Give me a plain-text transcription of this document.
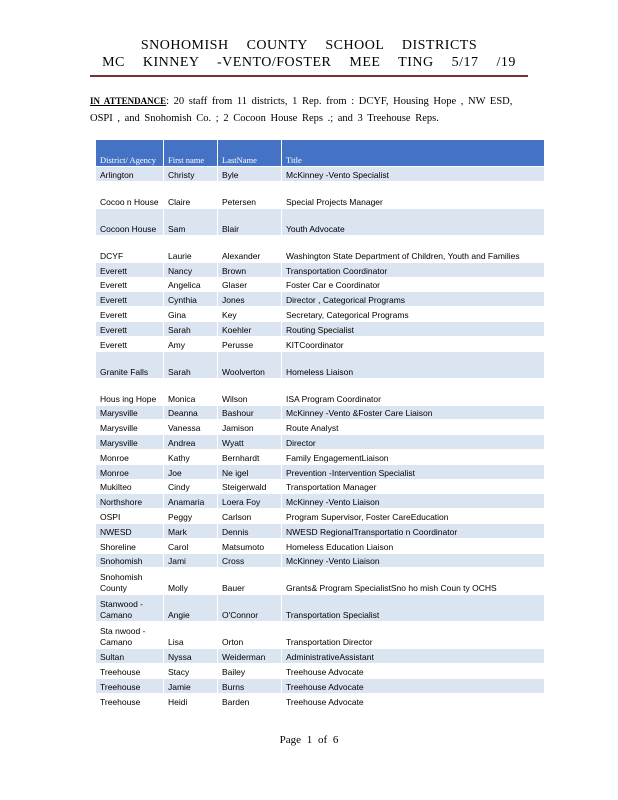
SNOHOMISH COUNTY SCHOOL DISTRICTS
MC KINNEY -VENTO/FOSTER MEE TING 5/17 /19
IN ATTENDANCE: 20 staff from 11 districts, 1 Rep. from : DCYF, Housing Hope , NW ESD, OSPI , and Snohomish Co. ; 2 Cocoon House Reps .; and 3 Treehouse Reps.
District/ Agency	First name	LastName	Title
Arlington	Christy	Byle	McKinney -Vento Specialist
Cocoo n House	Claire	Petersen	Special Projects Manager
Cocoon House	Sam	Blair	Youth Advocate
DCYF	Laurie	Alexander	Washington State Department of Children, Youth and Families
Everett	Nancy	Brown	Transportation Coordinator
Everett	Angelica	Glaser	Foster Car e Coordinator
Everett	Cynthia	Jones	Director , Categorical Programs
Everett	Gina	Key	Secretary, Categorical Programs
Everett	Sarah	Koehler	Routing Specialist
Everett	Amy	Perusse	KITCoordinator
Granite Falls	Sarah	Woolverton	Homeless Liaison
Hous ing Hope	Monica	Wilson	ISA Program Coordinator
Marysville	Deanna	Bashour	McKinney -Vento &Foster Care Liaison
Marysville	Vanessa	Jamison	Route Analyst
Marysville	Andrea	Wyatt	Director
Monroe	Kathy	Bernhardt	Family EngagementLiaison
Monroe	Joe	Ne igel	Prevention -Intervention Specialist
Mukilteo	Cindy	Steigerwald	Transportation Manager
Northshore	Anamaria	Loera Foy	McKinney -Vento Liaison
OSPI	Peggy	Carlson	Program Supervisor, Foster CareEducation
NWESD	Mark	Dennis	NWESD RegionalTransportatio n Coordinator
Shoreline	Carol	Matsumoto	Homeless Education Liaison
Snohomish	Jami	Cross	McKinney -Vento Liaison
Snohomish County	Molly	Bauer	Grants& Program SpecialistSno ho mish Coun ty OCHS
Stanwood - Camano	Angie	O'Connor	Transportation Specialist
Sta nwood - Camano	Lisa	Orton	Transportation Director
Sultan	Nyssa	Weiderman	AdministrativeAssistant
Treehouse	Stacy	Bailey	Treehouse Advocate
Treehouse	Jamie	Burns	Treehouse Advocate
Treehouse	Heidi	Barden	Treehouse Advocate
Page 1 of 6
